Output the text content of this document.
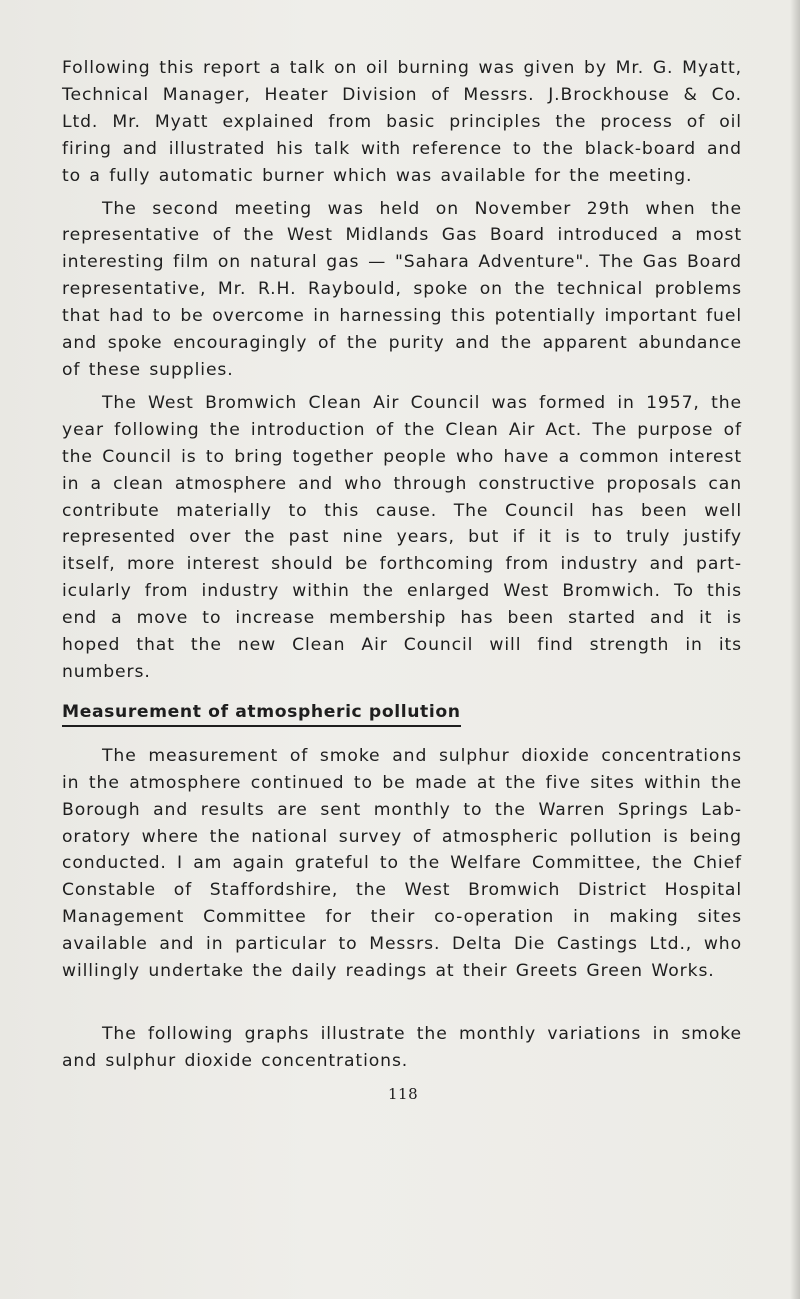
Following this report a talk on oil burning was given by Mr. G. Myatt, Technical Manager, Heater Division of Messrs. J.Brockhouse & Co. Ltd. Mr. Myatt explained from basic principles the process of oil firing and illustrated his talk with reference to the black-board and to a fully automatic burner which was available for the meeting.

The second meeting was held on November 29th when the representative of the West Midlands Gas Board introduced a most interesting film on natural gas — "Sahara Adventure". The Gas Board representative, Mr. R.H. Raybould, spoke on the technical problems that had to be overcome in harnessing this potentially important fuel and spoke encouragingly of the purity and the apparent abundance of these supplies.

The West Bromwich Clean Air Council was formed in 1957, the year following the introduction of the Clean Air Act. The purpose of the Council is to bring together people who have a common interest in a clean atmosphere and who through constructive proposals can contribute materially to this cause. The Council has been well represented over the past nine years, but if it is to truly justify itself, more interest should be forthcoming from industry and part-icularly from industry within the enlarged West Bromwich. To this end a move to increase membership has been started and it is hoped that the new Clean Air Council will find strength in its numbers.

Measurement of atmospheric pollution

The measurement of smoke and sulphur dioxide concentrations in the atmosphere continued to be made at the five sites within the Borough and results are sent monthly to the Warren Springs Lab-oratory where the national survey of atmospheric pollution is being conducted. I am again grateful to the Welfare Committee, the Chief Constable of Staffordshire, the West Bromwich District Hospital Management Committee for their co-operation in making sites available and in particular to Messrs. Delta Die Castings Ltd., who willingly undertake the daily readings at their Greets Green Works.

The following graphs illustrate the monthly variations in smoke and sulphur dioxide concentrations.

118
